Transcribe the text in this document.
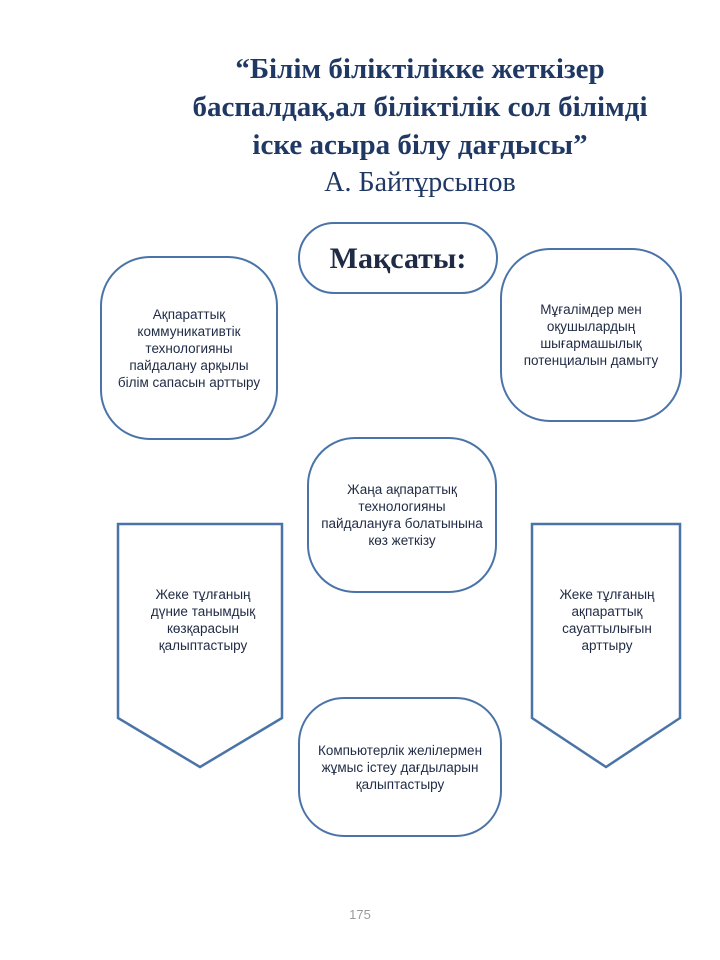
“Білім біліктілікке жеткізер
баспалдақ,ал біліктілік сол білімді
іске асыра білу дағдысы”
А. Байтұрсынов
Мақсаты:
Ақпараттық коммуникативтік технологияны пайдалану арқылы білім сапасын арттыру
Мұғалімдер мен оқушылардың шығармашылық потенциалын дамыту
Жаңа ақпараттық технологияны пайдалануға болатынына көз жеткізу
Жеке тұлғаның дүние танымдық көзқарасын қалыптастыру
Жеке тұлғаның ақпараттық сауаттылығын арттыру
Компьютерлік желілермен жұмыс істеу дағдыларын қалыптастыру
175
